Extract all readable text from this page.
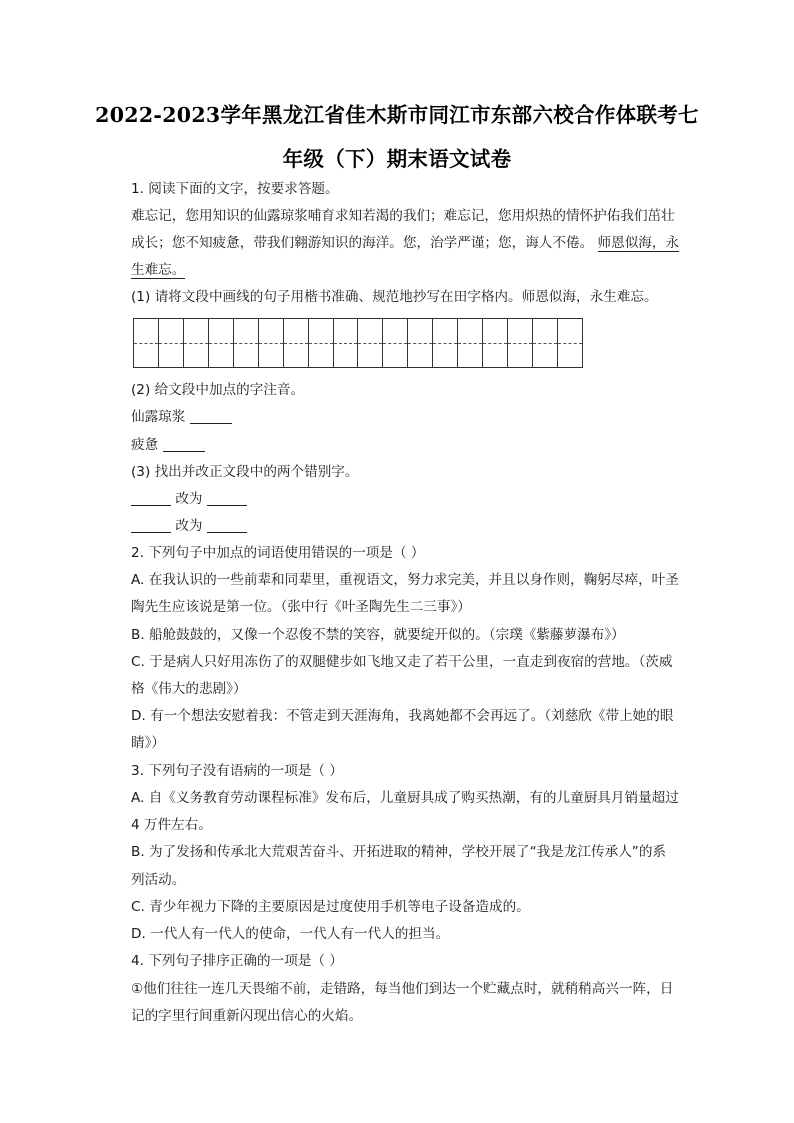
2022-2023学年黑龙江省佳木斯市同江市东部六校合作体联考七
年级（下）期末语文试卷
1. 阅读下面的文字，按要求答题。
难忘记，您用知识的仙露琼浆哺育求知若渴的我们；难忘记，您用炽热的情怀护佑我们茁壮
成长；您不知疲惫，带我们翱游知识的海洋。您，治学严谨；您，诲人不倦。 师恩似海，永
生难忘。
(1) 请将文段中画线的句子用楷书准确、规范地抄写在田字格内。师恩似海，永生难忘。
(2) 给文段中加点的字注音。
仙露琼浆
疲惫
(3) 找出并改正文段中的两个错别字。
改为
改为
2. 下列句子中加点的词语使用错误的一项是（ ）
A. 在我认识的一些前辈和同辈里，重视语文，努力求完美，并且以身作则，鞠躬尽瘁，叶圣
陶先生应该说是第一位。（张中行《叶圣陶先生二三事》）
B. 船舱鼓鼓的，又像一个忍俊不禁的笑容，就要绽开似的。（宗璞《紫藤萝瀑布》）
C. 于是病人只好用冻伤了的双腿健步如飞地又走了若干公里，一直走到夜宿的营地。（茨威
格《伟大的悲剧》）
D. 有一个想法安慰着我：不管走到天涯海角，我离她都不会再远了。（刘慈欣《带上她的眼
睛》）
3. 下列句子没有语病的一项是（ ）
A. 自《义务教育劳动课程标准》发布后，儿童厨具成了购买热潮，有的儿童厨具月销量超过
4 万件左右。
B. 为了发扬和传承北大荒艰苦奋斗、开拓进取的精神，学校开展了“我是龙江传承人”的系
列活动。
C. 青少年视力下降的主要原因是过度使用手机等电子设备造成的。
D. 一代人有一代人的使命，一代人有一代人的担当。
4. 下列句子排序正确的一项是（ ）
①他们往往一连几天畏缩不前，走错路，每当他们到达一个贮藏点时，就稍稍高兴一阵，日
记的字里行间重新闪现出信心的火焰。
